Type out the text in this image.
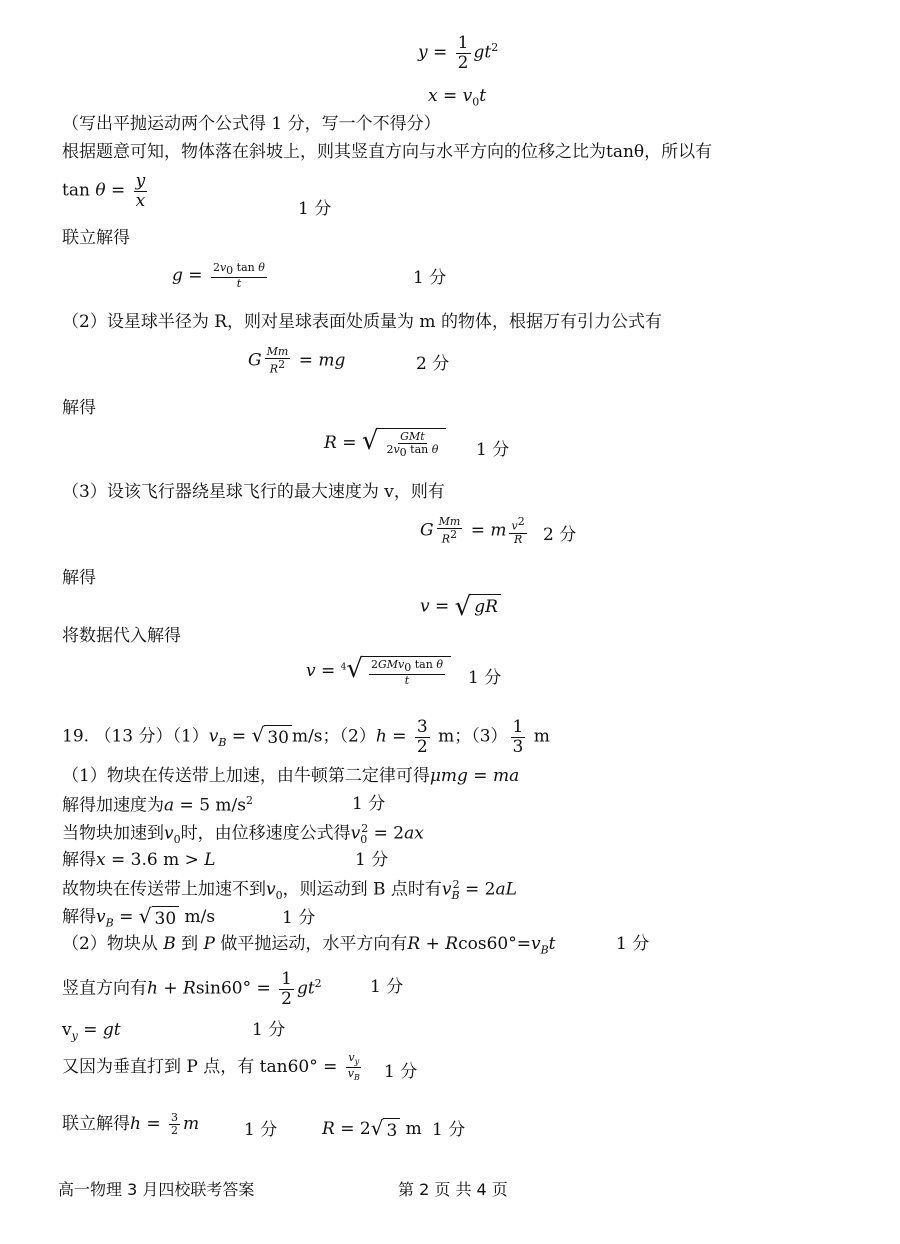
$y = \frac{1}{2} gt^2$
$x = v_0t$
（写出平抛运动两个公式得 1 分，写一个不得分）
根据题意可知，物体落在斜坡上，则其竖直方向与水平方向的位移之比为tanθ，所以有
$\tan \theta = \frac{y}{x}$	1 分
联立解得
$g = \frac{2v_0 \tan \theta}{t}$	1 分
（2）设星球半径为 R，则对星球表面处质量为 m 的物体，根据万有引力公式有
G $\frac{Mm}{R^2}$ = mg	2 分
解得
R = √ GMt
$2v_0$ tan θ 1 分
（3）设该飞行器绕星球飞行的最大速度为 v，则有
G $\frac{Mm}{R^2} = m \frac{v^2}{R} 2$ 分
解得
v = √ gR
将数据代入解得
v = $^4$ √ 2GMv$_0$ tan θ
t	1 分
19. （13 分）$(1)v_B$ = √ 30 m/s；$(2)h = \frac{3}{2}$ m；$(3) \frac{1}{3}$ m
（1）物块在传送带上加速，由牛顿第二定律可得μmg = ma
解得加速度为a = 5 $m/s^2$	1 分
当物块加速到$v_0$时，由位移速度公式得$v_0^2 = 2ax$
解得x = 3.6 m > L	1 分
故物块在传送带上加速不到$v_0$，则运动到 B 点时有$v_B^2 = 2aL$
解得$v_B$ = √ 30 m/s	1 分
（2）物块从 B 到 P 做平抛运动，水平方向有$R + Rcos60^\circ=v_Bt$	1 分
竖直方向有$h + Rsin60^\circ = \frac{1}{2} gt^2$	1 分
$v_y$ = gt	1 分
又因为垂直打到 P 点，有 $\tan 60^\circ = \frac{v_y}{v_B} 1$ 分
联立解得$h = \frac{3}{2}$ m	1 分	R = 2 √ 3 m 1 分
高一物理 3 月四校联考答案	第 2 页 共 4 页
